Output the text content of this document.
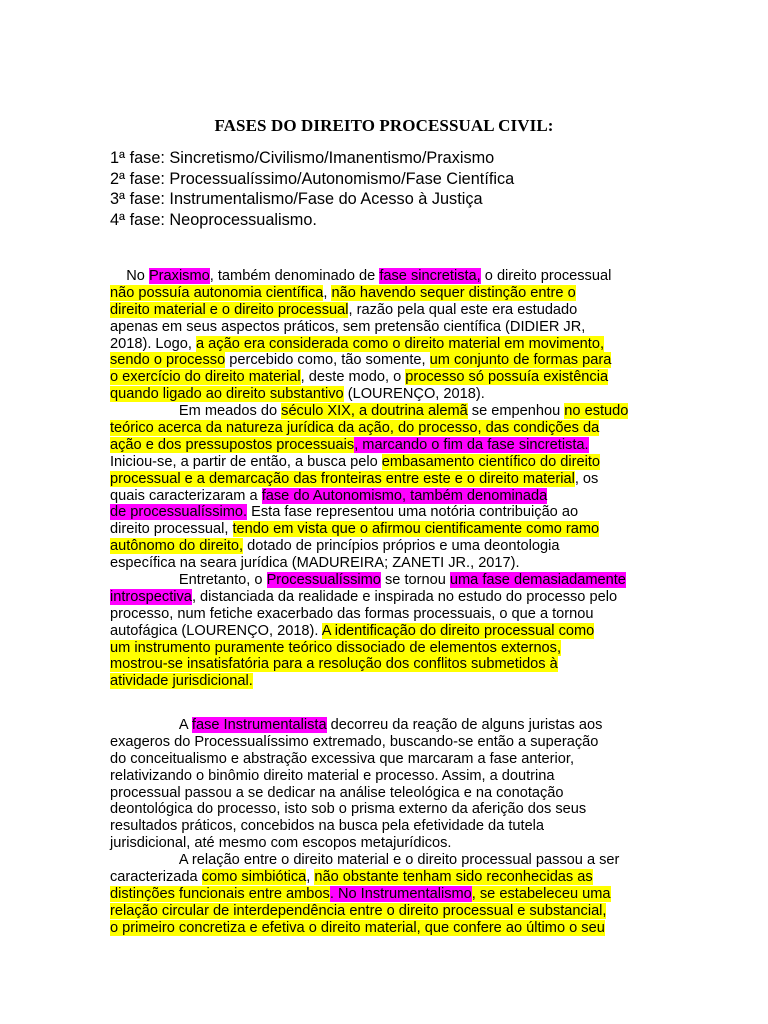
FASES DO DIREITO PROCESSUAL CIVIL:
1ª fase: Sincretismo/Civilismo/Imanentismo/Praxismo
2ª fase: Processualíssimo/Autonomismo/Fase Científica
3ª fase: Instrumentalismo/Fase do Acesso à Justiça
4ª fase: Neoprocessualismo.
No Praxismo, também denominado de fase sincretista, o direito processual
não possuía autonomia científica, não havendo sequer distinção entre o
direito material e o direito processual, razão pela qual este era estudado
apenas em seus aspectos práticos, sem pretensão científica (DIDIER JR,
2018). Logo, a ação era considerada como o direito material em movimento,
sendo o processo percebido como, tão somente, um conjunto de formas para
o exercício do direito material, deste modo, o processo só possuía existência
quando ligado ao direito substantivo (LOURENÇO, 2018).
Em meados do século XIX, a doutrina alemã se empenhou no estudo
teórico acerca da natureza jurídica da ação, do processo, das condições da
ação e dos pressupostos processuais, marcando o fim da fase sincretista.
Iniciou-se, a partir de então, a busca pelo embasamento científico do direito
processual e a demarcação das fronteiras entre este e o direito material, os
quais caracterizaram a fase do Autonomismo, também denominada
de processualíssimo. Esta fase representou uma notória contribuição ao
direito processual, tendo em vista que o afirmou cientificamente como ramo
autônomo do direito, dotado de princípios próprios e uma deontologia
específica na seara jurídica (MADUREIRA; ZANETI JR., 2017).
Entretanto, o Processualíssimo se tornou uma fase demasiadamente
introspectiva, distanciada da realidade e inspirada no estudo do processo pelo
processo, num fetiche exacerbado das formas processuais, o que a tornou
autofágica (LOURENÇO, 2018). A identificação do direito processual como
um instrumento puramente teórico dissociado de elementos externos,
mostrou-se insatisfatória para a resolução dos conflitos submetidos à
atividade jurisdicional.
A fase Instrumentalista decorreu da reação de alguns juristas aos
exageros do Processualíssimo extremado, buscando-se então a superação
do conceitualismo e abstração excessiva que marcaram a fase anterior,
relativizando o binômio direito material e processo. Assim, a doutrina
processual passou a se dedicar na análise teleológica e na conotação
deontológica do processo, isto sob o prisma externo da aferição dos seus
resultados práticos, concebidos na busca pela efetividade da tutela
jurisdicional, até mesmo com escopos metajurídicos.
A relação entre o direito material e o direito processual passou a ser
caracterizada como simbiótica, não obstante tenham sido reconhecidas as
distinções funcionais entre ambos. No Instrumentalismo, se estabeleceu uma
relação circular de interdependência entre o direito processual e substancial,
o primeiro concretiza e efetiva o direito material, que confere ao último o seu
